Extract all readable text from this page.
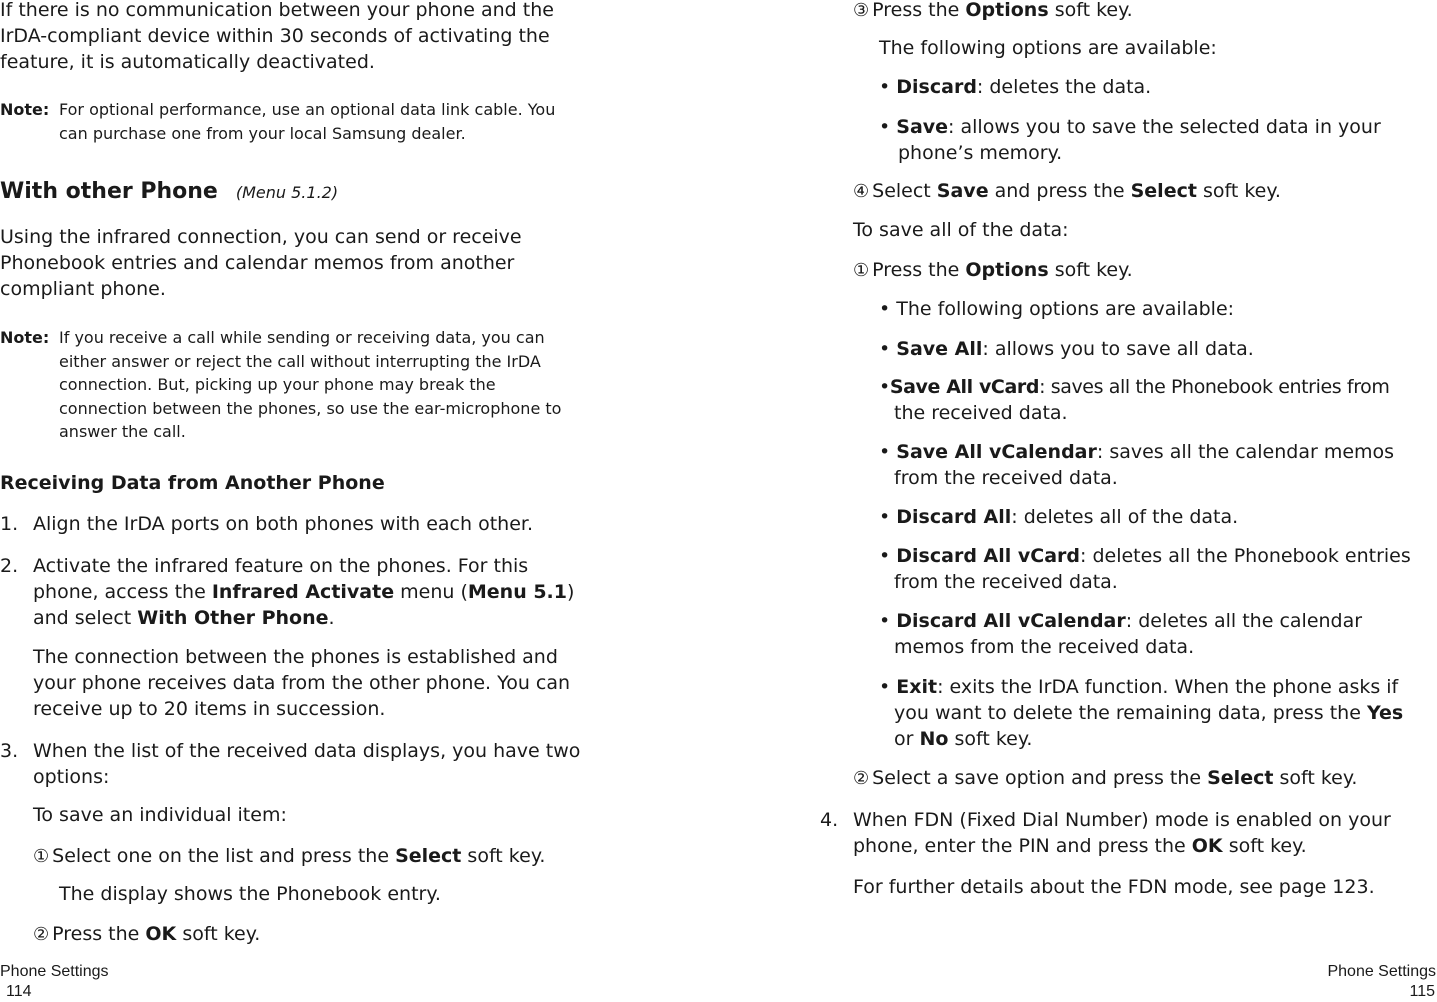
If there is no communication between your phone and the
IrDA-compliant device within 30 seconds of activating the
feature, it is automatically deactivated.
Note: For optional performance, use an optional data link cable. You
can purchase one from your local Samsung dealer.
With other Phone (Menu 5.1.2)
Using the infrared connection, you can send or receive
Phonebook entries and calendar memos from another
compliant phone.
Note: If you receive a call while sending or receiving data, you can
either answer or reject the call without interrupting the IrDA
connection. But, picking up your phone may break the
connection between the phones, so use the ear-microphone to
answer the call.
Receiving Data from Another Phone
1. Align the IrDA ports on both phones with each other.
2. Activate the infrared feature on the phones. For this
phone, access the Infrared Activate menu (Menu 5.1)
and select With Other Phone.
The connection between the phones is established and
your phone receives data from the other phone. You can
receive up to 20 items in succession.
3. When the list of the received data displays, you have two
options:
To save an individual item:
① Select one on the list and press the Select soft key.
The display shows the Phonebook entry.
② Press the OK soft key.
Phone Settings
114
③ Press the Options soft key.
The following options are available:
• Discard: deletes the data.
• Save: allows you to save the selected data in your
phone’s memory.
④ Select Save and press the Select soft key.
To save all of the data:
① Press the Options soft key.
• The following options are available:
• Save All: allows you to save all data.
•Save All vCard: saves all the Phonebook entries from
the received data.
• Save All vCalendar: saves all the calendar memos
from the received data.
• Discard All: deletes all of the data.
• Discard All vCard: deletes all the Phonebook entries
from the received data.
• Discard All vCalendar: deletes all the calendar
memos from the received data.
• Exit: exits the IrDA function. When the phone asks if
you want to delete the remaining data, press the Yes
or No soft key.
② Select a save option and press the Select soft key.
4. When FDN (Fixed Dial Number) mode is enabled on your
phone, enter the PIN and press the OK soft key.
For further details about the FDN mode, see page 123.
Phone Settings
115
